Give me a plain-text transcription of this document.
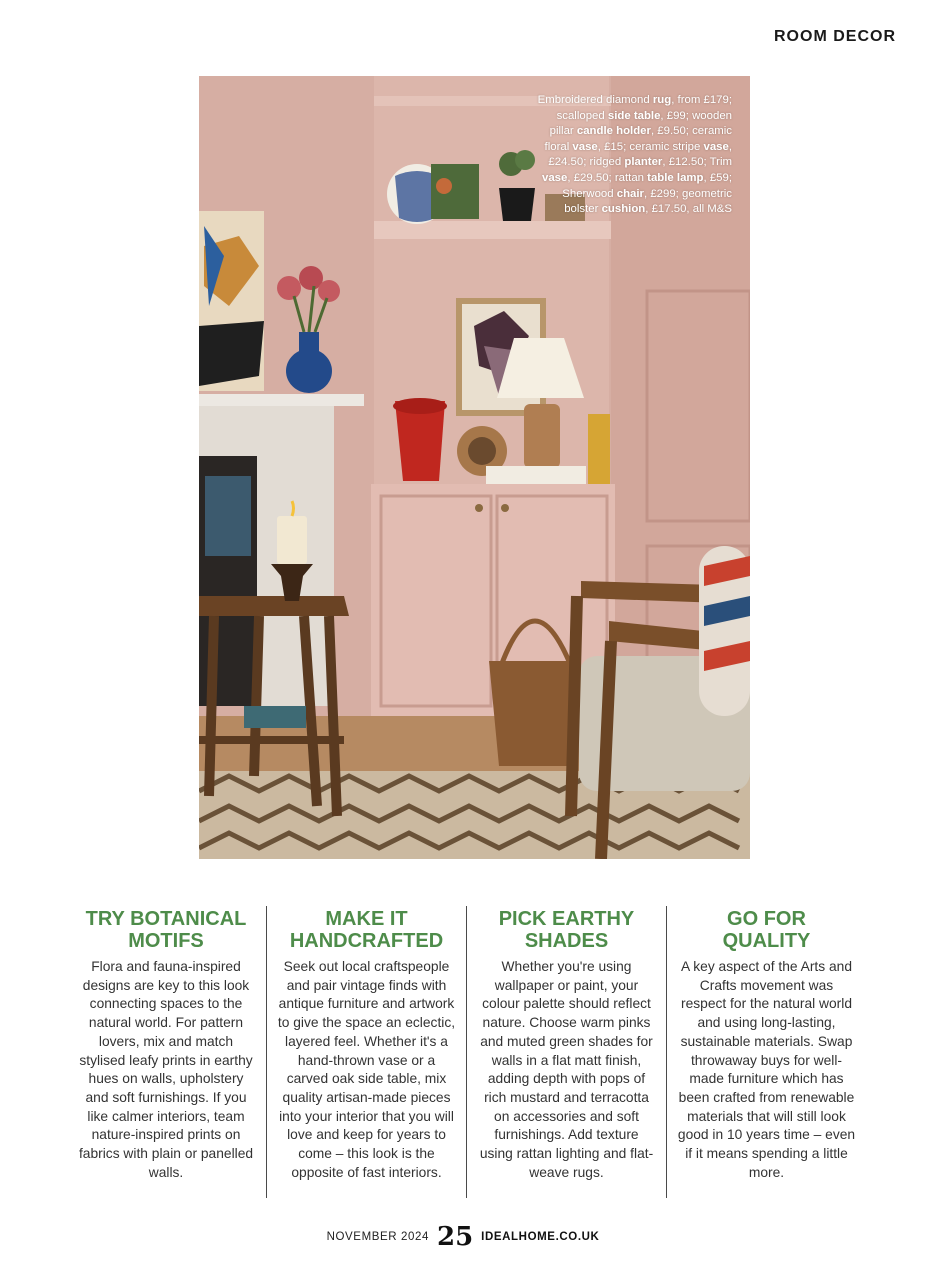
ROOM DECOR
Embroidered diamond rug, from £179; scalloped side table, £99; wooden pillar candle holder, £9.50; ceramic floral vase, £15; ceramic stripe vase, £24.50; ridged planter, £12.50; Trim vase, £29.50; rattan table lamp, £59; Sherwood chair, £299; geometric bolster cushion, £17.50, all M&S
TRY BOTANICAL
MOTIFS

Flora and fauna-inspired designs are key to this look connecting spaces to the natural world. For pattern lovers, mix and match stylised leafy prints in earthy hues on walls, upholstery and soft furnishings. If you like calmer interiors, team nature-inspired prints on fabrics with plain or panelled walls.

MAKE IT
HANDCRAFTED

Seek out local craftspeople and pair vintage finds with antique furniture and artwork to give the space an eclectic, layered feel. Whether it's a hand-thrown vase or a carved oak side table, mix quality artisan-made pieces into your interior that you will love and keep for years to come – this look is the opposite of fast interiors.

PICK EARTHY
SHADES

Whether you're using wallpaper or paint, your colour palette should reflect nature. Choose warm pinks and muted green shades for walls in a flat matt finish, adding depth with pops of rich mustard and terracotta on accessories and soft furnishings. Add texture using rattan lighting and flat-weave rugs.

GO FOR
QUALITY

A key aspect of the Arts and Crafts movement was respect for the natural world and using long-lasting, sustainable materials. Swap throwaway buys for well-made furniture which has been crafted from renewable materials that will still look good in 10 years time – even if it means spending a little more.

NOVEMBER 2024 25 IDEALHOME.CO.UK
